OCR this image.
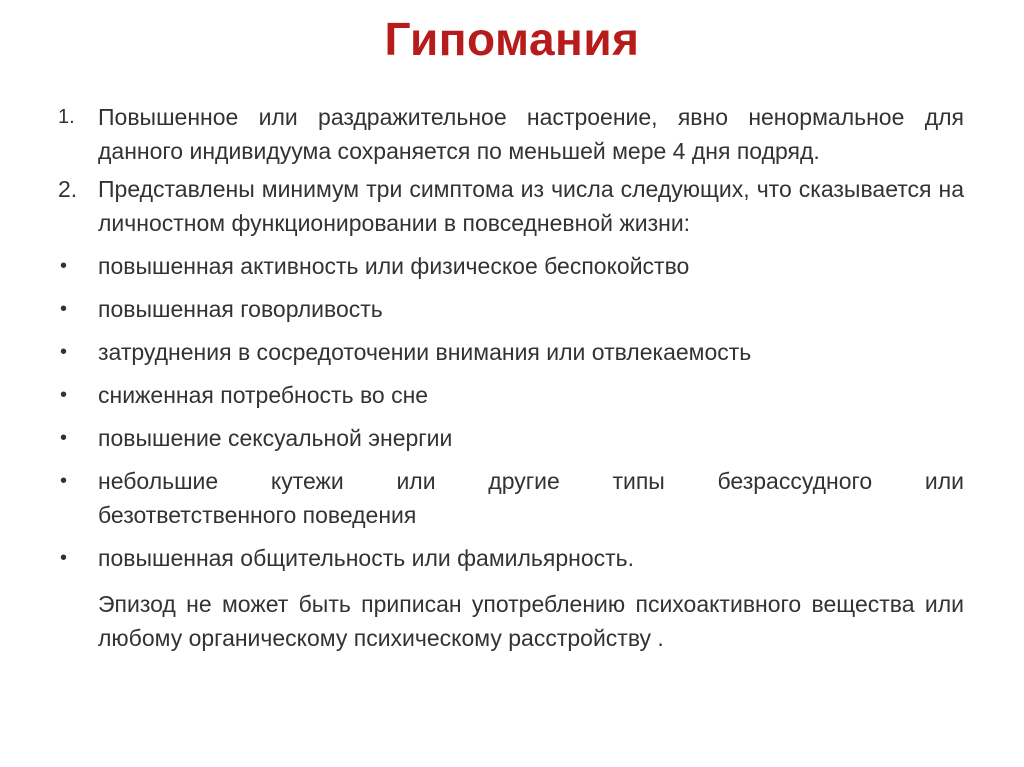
Гипомания
1. Повышенное или раздражительное настроение, явно ненормальное для данного индивидуума сохраняется по меньшей мере 4 дня подряд.
2. Представлены минимум три симптома из числа следующих, что сказывается на личностном функционировании в повседневной жизни:
• повышенная активность или физическое беспокойство
• повышенная говорливость
• затруднения в сосредоточении внимания или отвлекаемость
• сниженная потребность во сне
• повышение сексуальной энергии
• небольшие кутежи или другие типы безрассудного или
безответственного поведения
• повышенная общительность или фамильярность.
Эпизод не может быть приписан употреблению психоактивного вещества или любому органическому психическому расстройству .
